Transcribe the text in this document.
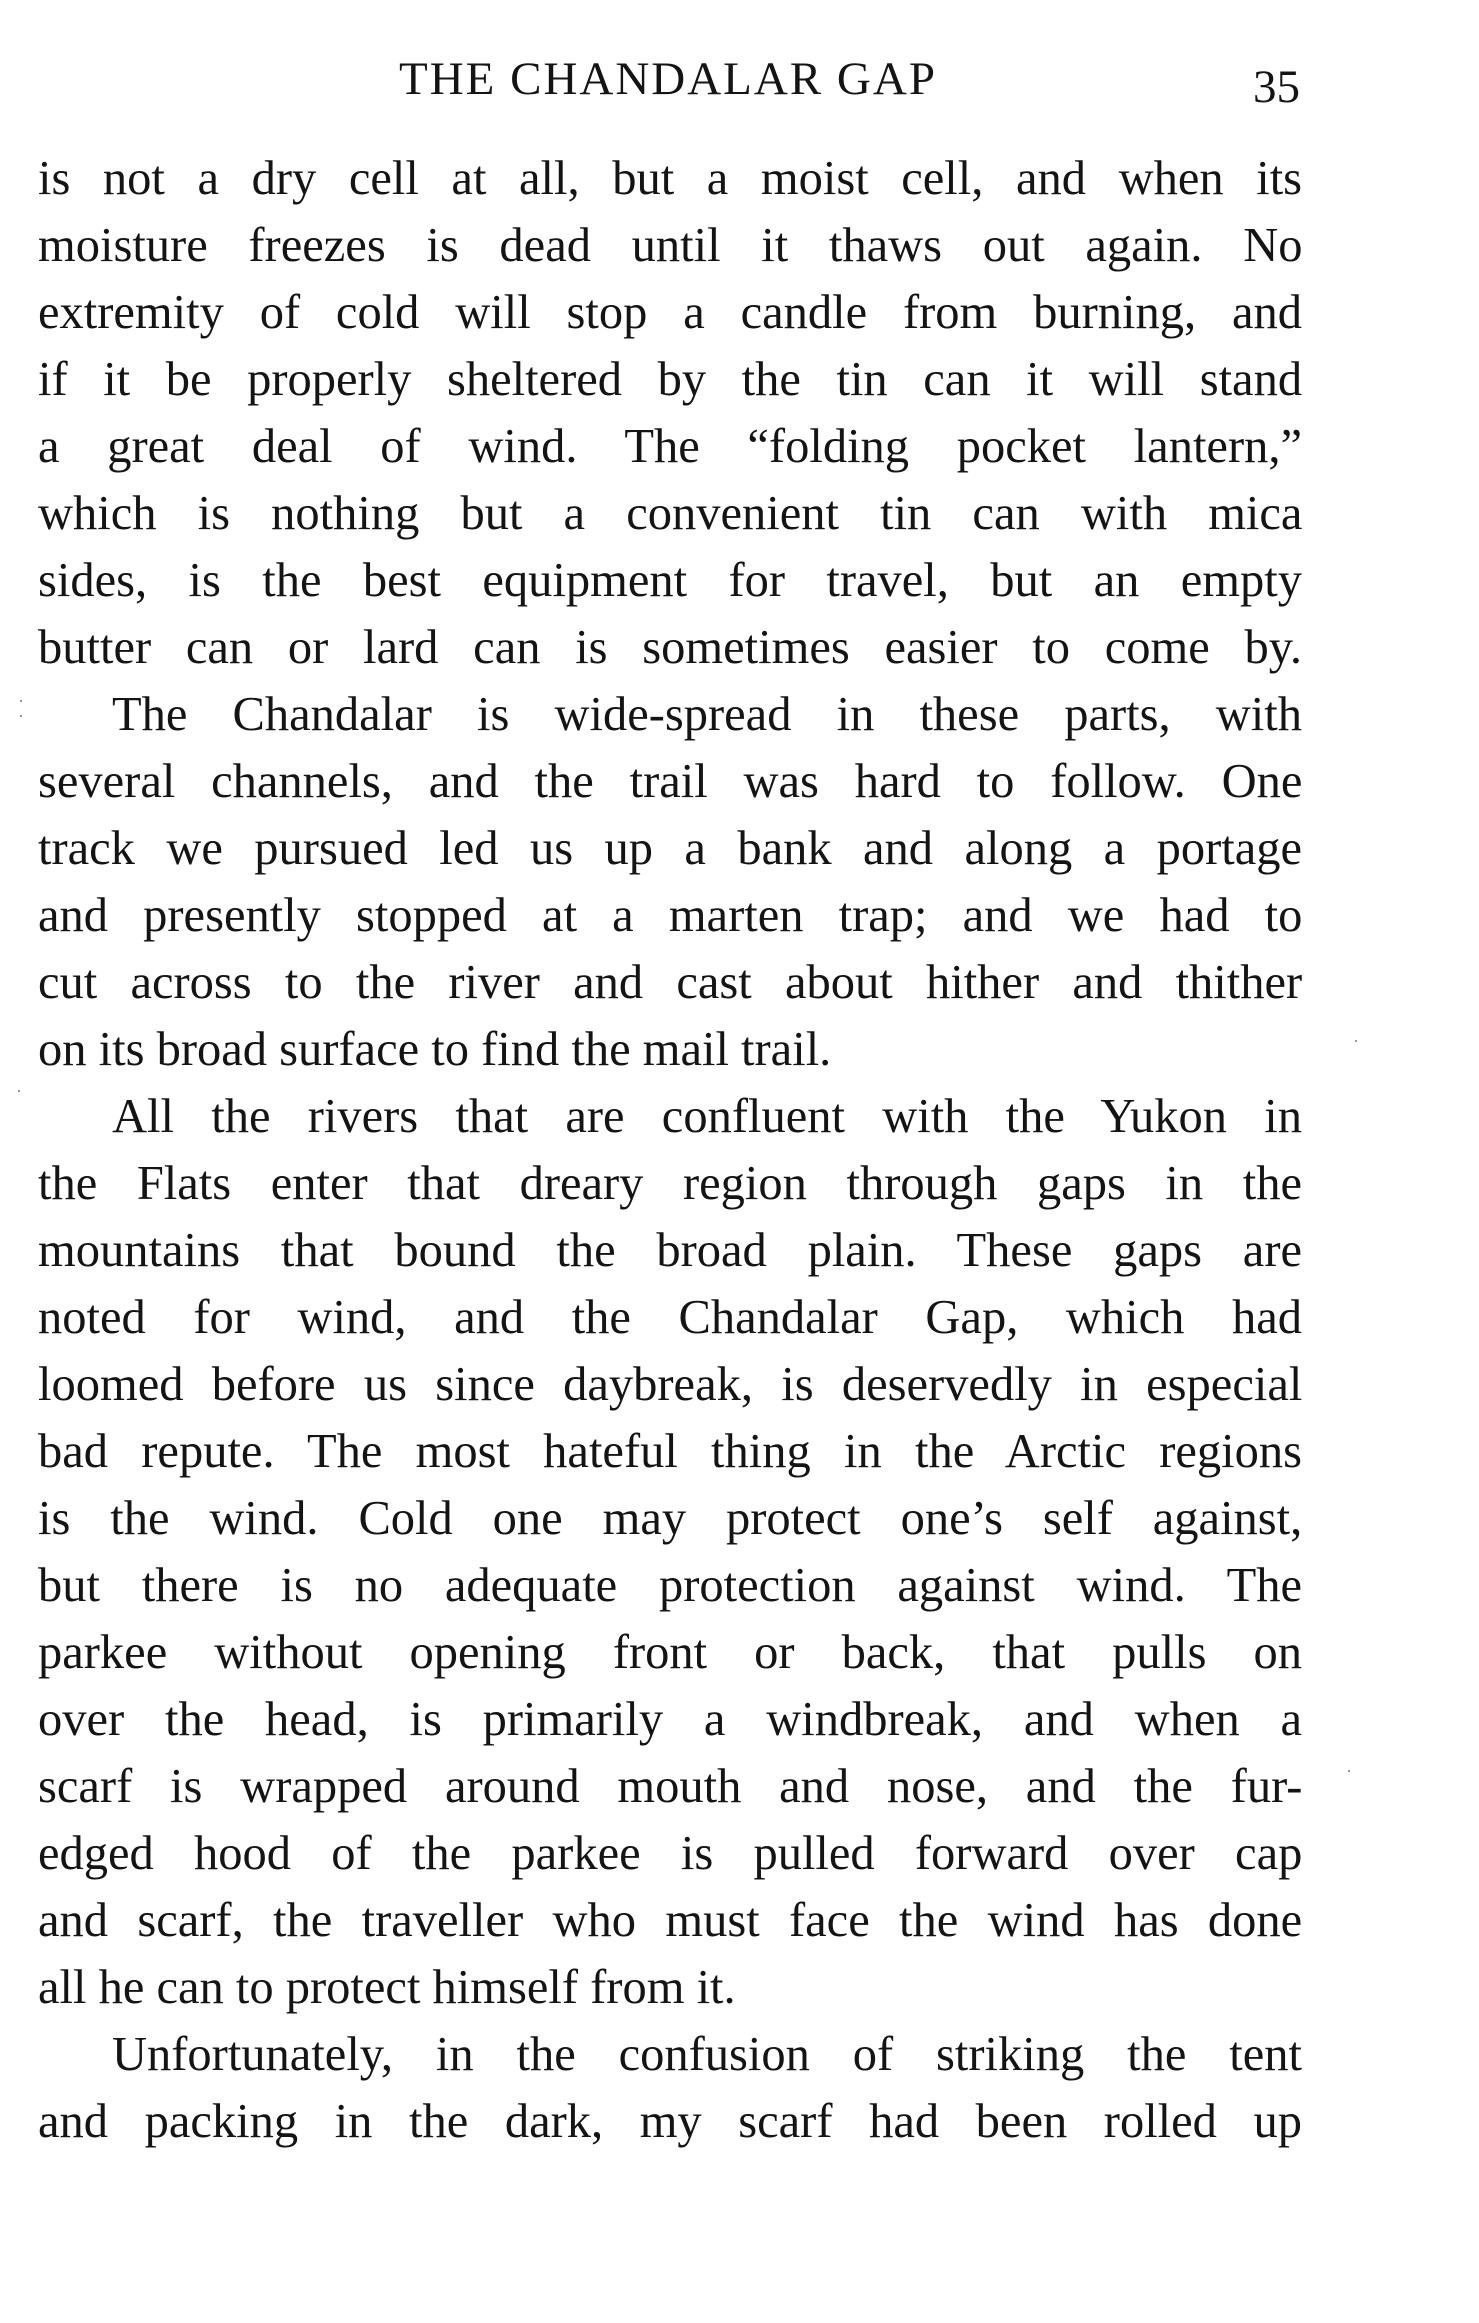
THE CHANDALAR GAP	35
is not a dry cell at all, but a moist cell, and when its
moisture freezes is dead until it thaws out again. No
extremity of cold will stop a candle from burning, and
if it be properly sheltered by the tin can it will stand
a great deal of wind. The “folding pocket lantern,”
which is nothing but a convenient tin can with mica
sides, is the best equipment for travel, but an empty
butter can or lard can is sometimes easier to come by.
The Chandalar is wide-spread in these parts, with
several channels, and the trail was hard to follow. One
track we pursued led us up a bank and along a portage
and presently stopped at a marten trap; and we had to
cut across to the river and cast about hither and thither
on its broad surface to find the mail trail.
All the rivers that are confluent with the Yukon in
the Flats enter that dreary region through gaps in the
mountains that bound the broad plain. These gaps are
noted for wind, and the Chandalar Gap, which had
loomed before us since daybreak, is deservedly in especial
bad repute. The most hateful thing in the Arctic regions
is the wind. Cold one may protect one’s self against,
but there is no adequate protection against wind. The
parkee without opening front or back, that pulls on
over the head, is primarily a windbreak, and when a
scarf is wrapped around mouth and nose, and the fur-
edged hood of the parkee is pulled forward over cap
and scarf, the traveller who must face the wind has done
all he can to protect himself from it.
Unfortunately, in the confusion of striking the tent
and packing in the dark, my scarf had been rolled up
